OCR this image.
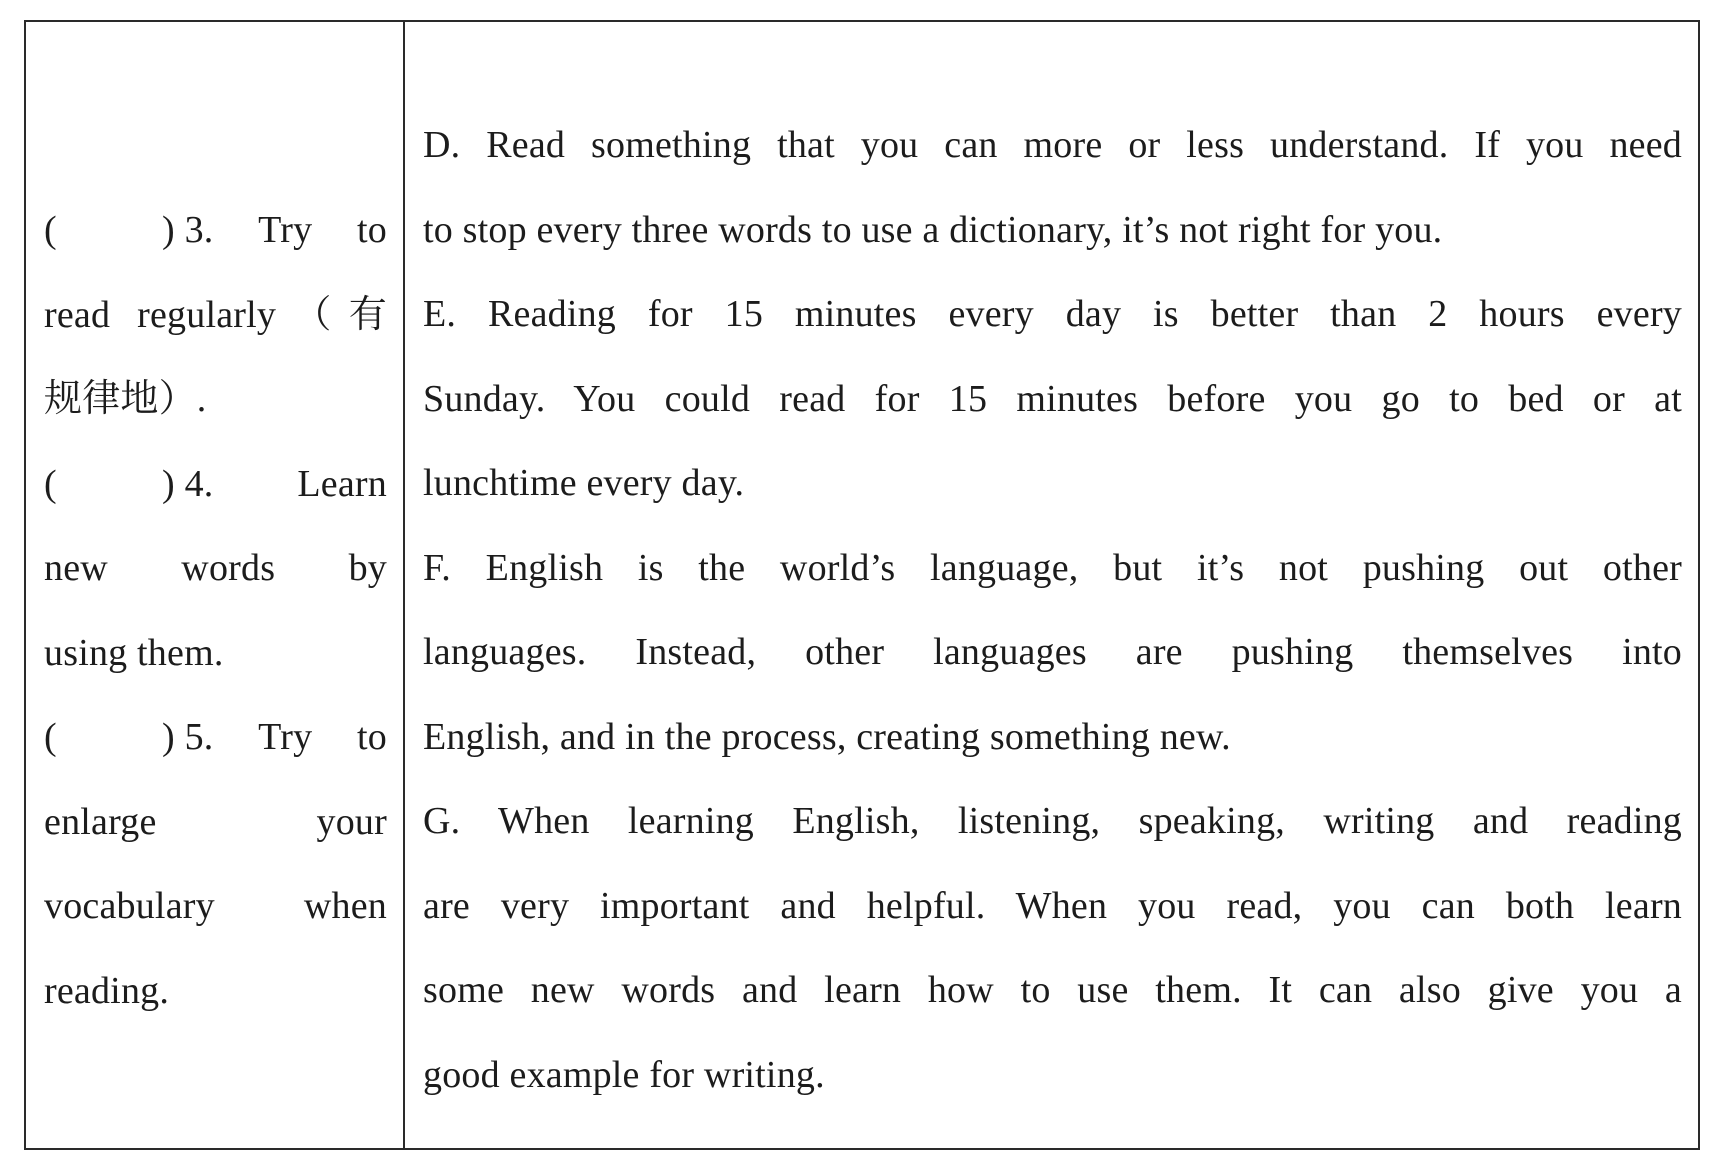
(	) 3. Try to
read regularly（有
规律地）.
(	) 4. Learn
new words by
using them.
(	) 5. Try to
enlarge your
vocabulary when
reading.
D. Read something that you can more or less understand. If you need
to stop every three words to use a dictionary, it’s not right for you.
E. Reading for 15 minutes every day is better than 2 hours every
Sunday. You could read for 15 minutes before you go to bed or at
lunchtime every day.
F. English is the world’s language, but it’s not pushing out other
languages. Instead, other languages are pushing themselves into
English, and in the process, creating something new.
G. When learning English, listening, speaking, writing and reading
are very important and helpful. When you read, you can both learn
some new words and learn how to use them. It can also give you a
good example for writing.
